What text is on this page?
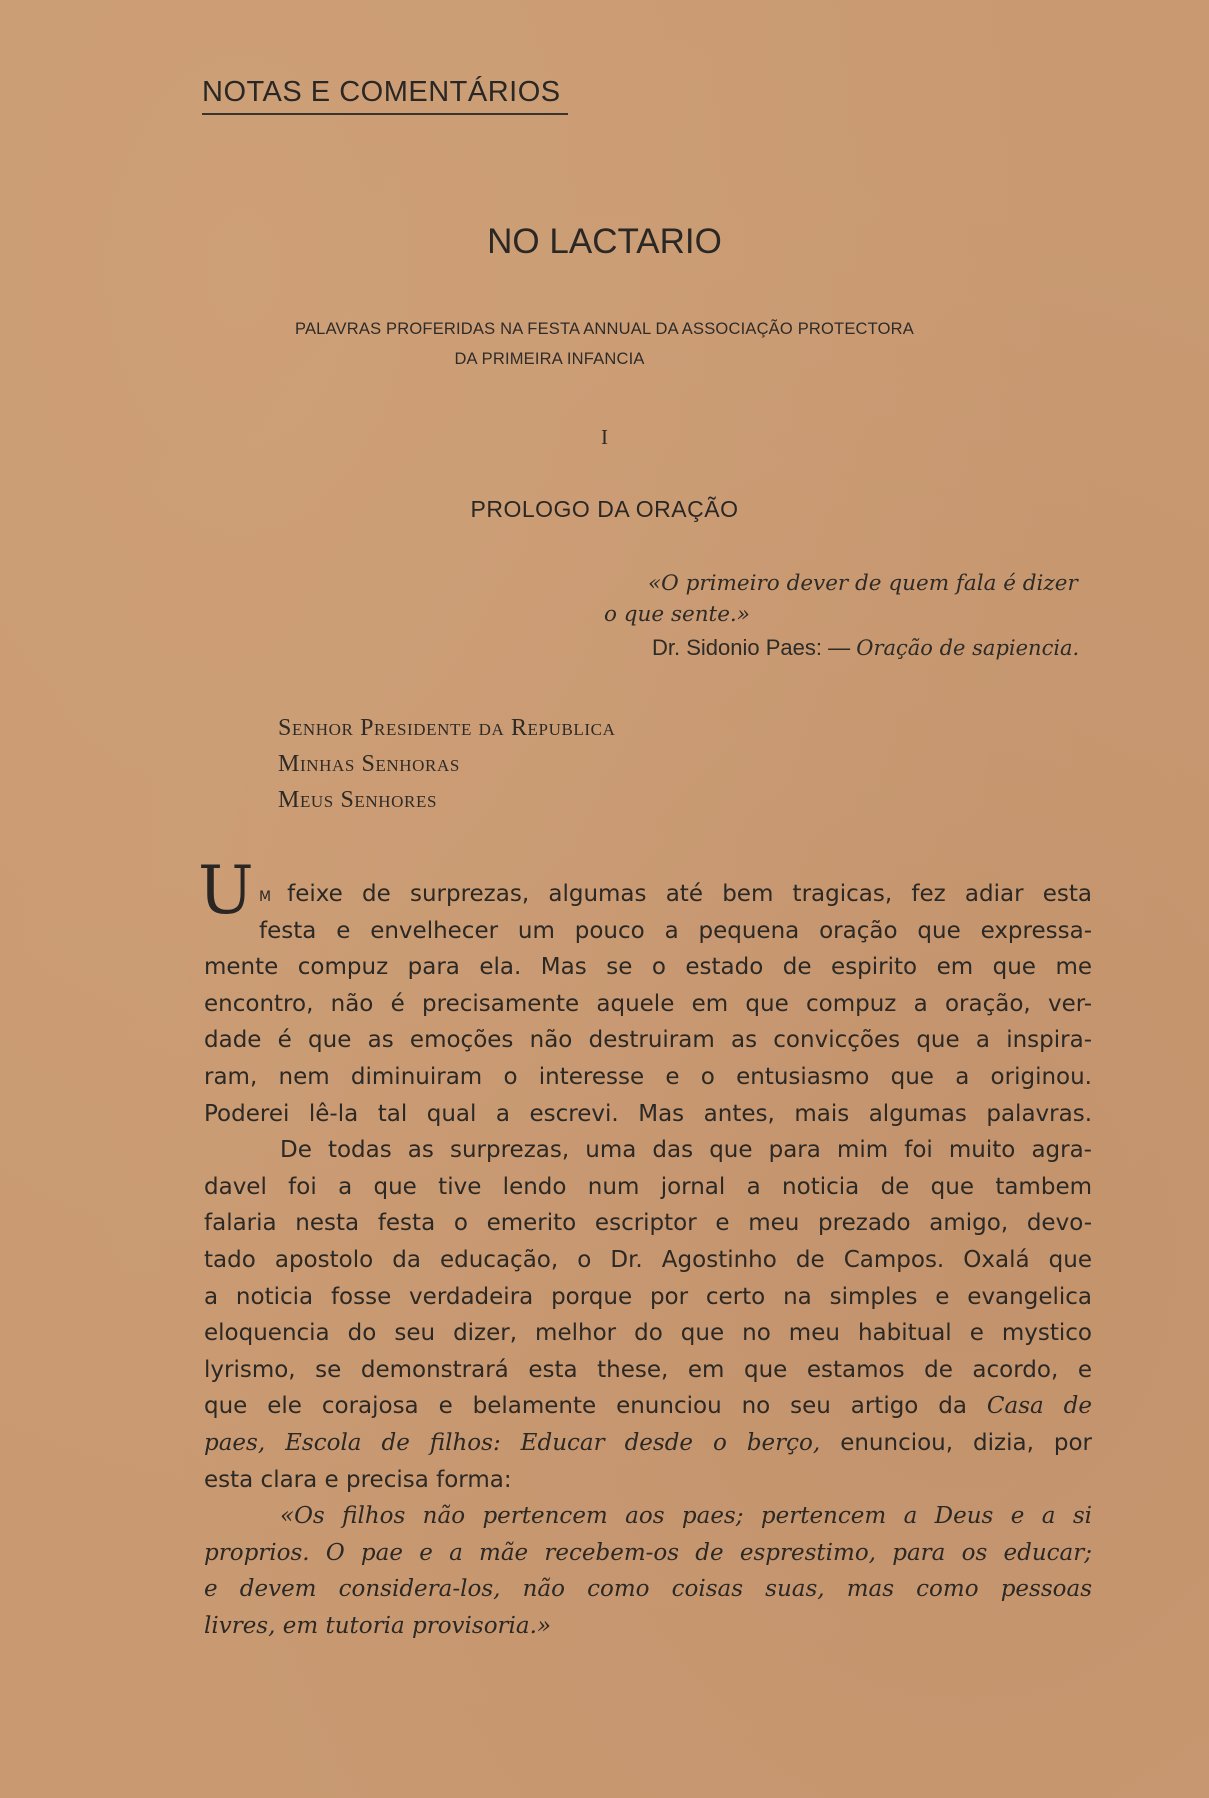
NOTAS E COMENTÁRIOS
NO LACTARIO
PALAVRAS PROFERIDAS NA FESTA ANNUAL DA ASSOCIAÇÃO PROTECTORA
DA PRIMEIRA INFANCIA
I
PROLOGO DA ORAÇÃO
«O primeiro dever de quem fala é dizer
o que sente.»
Dr. Sidonio Paes: — Oração de sapiencia.
Senhor Presidente da Republica
Minhas Senhoras
Meus Senhores
U m feixe de surprezas, algumas até bem tragicas, fez adiar esta
festa e envelhecer um pouco a pequena oração que expressa-
mente compuz para ela. Mas se o estado de espirito em que me
encontro, não é precisamente aquele em que compuz a oração, ver-
dade é que as emoções não destruiram as convicções que a inspira-
ram, nem diminuiram o interesse e o entusiasmo que a originou.
Poderei lê-la tal qual a escrevi. Mas antes, mais algumas palavras.
De todas as surprezas, uma das que para mim foi muito agra-
davel foi a que tive lendo num jornal a noticia de que tambem
falaria nesta festa o emerito escriptor e meu prezado amigo, devo-
tado apostolo da educação, o Dr. Agostinho de Campos. Oxalá que
a noticia fosse verdadeira porque por certo na simples e evangelica
eloquencia do seu dizer, melhor do que no meu habitual e mystico
lyrismo, se demonstrará esta these, em que estamos de acordo, e
que ele corajosa e belamente enunciou no seu artigo da Casa de
paes, Escola de filhos: Educar desde o berço, enunciou, dizia, por
esta clara e precisa forma:
«Os filhos não pertencem aos paes; pertencem a Deus e a si
proprios. O pae e a mãe recebem-os de esprestimo, para os educar;
e devem considera-los, não como coisas suas, mas como pessoas
livres, em tutoria provisoria.»
